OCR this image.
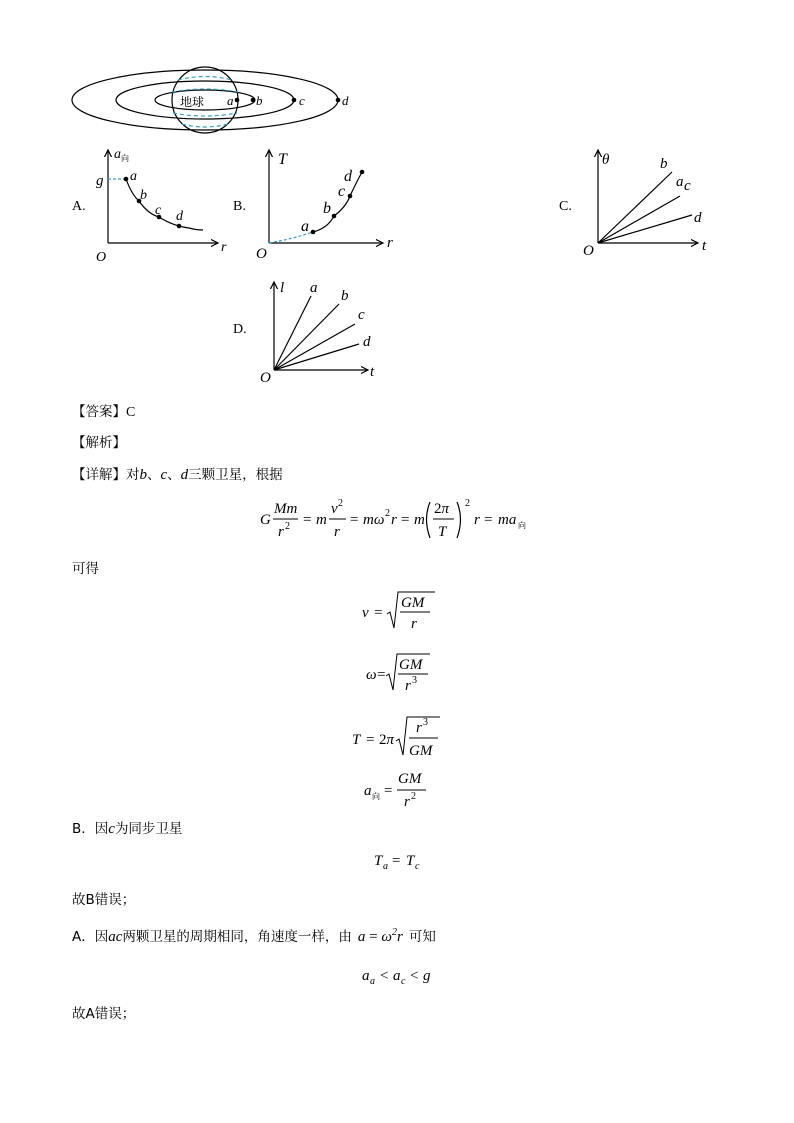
地球 a b	c	d
A.
$a_向$
r
O
g a
b
c d
B.
T
r
O
a
b
c
d
C.
θ
t
O
b
a c
d
D.
l
t
O
a b
c
d
【答案】C
【解析】
【详解】对b、c、d三颗卫星，根据
G
Mm
r 2 = m
v 2
r
= mω 2 r = m
2π
T
2
r = ma 向
可得
v =
GM
r
ω =
GM
r 3
T = 2π
r 3
GM
a 向 =
GM
r 2
B．因c为同步卫星
T a = T c
故B错误；
A．因ac两颗卫星的周期相同，角速度一样，由 $a = \omega^2r$ 可知
a a < a c < g
故A错误；
